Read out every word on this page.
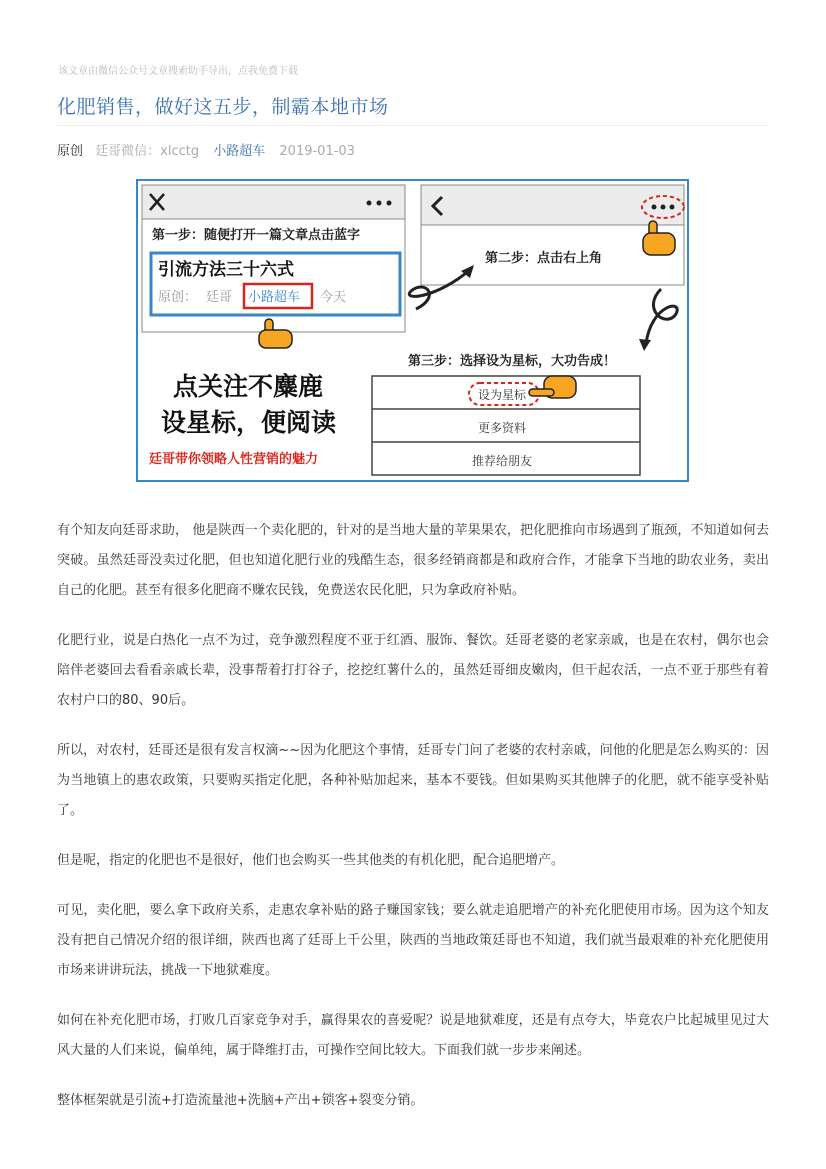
该文章由微信公众号文章搜索助手导出，点我免费下载
化肥销售，做好这五步，制霸本地市场
原创 廷哥微信：xlcctg 小路超车 2019-01-03
第一步：随便打开一篇文章点击蓝字
引流方法三十六式
原创： 廷哥 小路超车 今天
第二步：点击右上角
第三步：选择设为星标，大功告成！
设为星标
更多资料
推荐给朋友
点关注不麋鹿
设星标，便阅读
廷哥带你领略人性营销的魅力

有个知友向廷哥求助， 他是陕西一个卖化肥的，针对的是当地大量的苹果果农，把化肥推向市场遇到了瓶颈，不知道如何去突破。虽然廷哥没卖过化肥，但也知道化肥行业的残酷生态，很多经销商都是和政府合作，才能拿下当地的助农业务，卖出自己的化肥。甚至有很多化肥商不赚农民钱，免费送农民化肥，只为拿政府补贴。

化肥行业，说是白热化一点不为过，竞争激烈程度不亚于红酒、服饰、餐饮。廷哥老婆的老家亲戚，也是在农村，偶尔也会陪伴老婆回去看看亲戚长辈，没事帮着打打谷子，挖挖红薯什么的，虽然廷哥细皮嫩肉，但干起农活，一点不亚于那些有着农村户口的80、90后。

所以，对农村，廷哥还是很有发言权滴~~因为化肥这个事情，廷哥专门问了老婆的农村亲戚，问他的化肥是怎么购买的：因为当地镇上的惠农政策，只要购买指定化肥，各种补贴加起来，基本不要钱。但如果购买其他牌子的化肥，就不能享受补贴了。

但是呢，指定的化肥也不是很好，他们也会购买一些其他类的有机化肥，配合追肥增产。

可见，卖化肥，要么拿下政府关系，走惠农拿补贴的路子赚国家钱；要么就走追肥增产的补充化肥使用市场。因为这个知友没有把自己情况介绍的很详细，陕西也离了廷哥上千公里，陕西的当地政策廷哥也不知道，我们就当最艰难的补充化肥使用市场来讲讲玩法，挑战一下地狱难度。

如何在补充化肥市场，打败几百家竞争对手，赢得果农的喜爱呢？说是地狱难度，还是有点夸大，毕竟农户比起城里见过大风大量的人们来说，偏单纯，属于降维打击，可操作空间比较大。下面我们就一步步来阐述。

整体框架就是引流+打造流量池+洗脑+产出+锁客+裂变分销。
